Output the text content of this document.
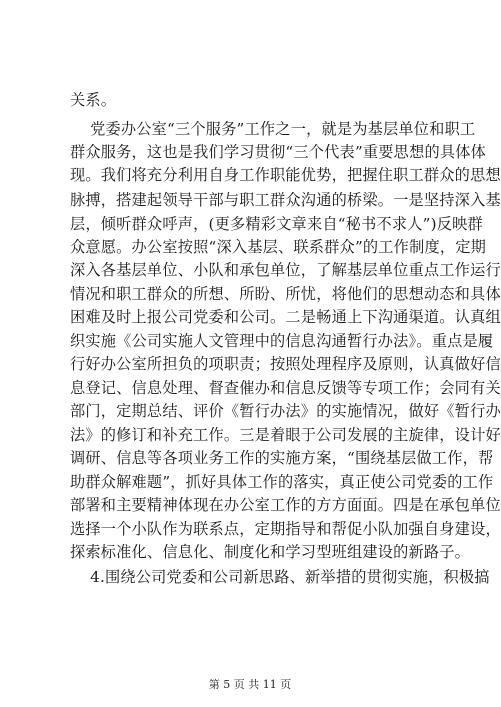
关系。
党委办公室“三个服务”工作之一，就是为基层单位和职工
群众服务，这也是我们学习贯彻“三个代表”重要思想的具体体
现。我们将充分利用自身工作职能优势，把握住职工群众的思想
脉搏，搭建起领导干部与职工群众沟通的桥梁。一是坚持深入基
层，倾听群众呼声，(更多精彩文章来自“秘书不求人”)反映群
众意愿。办公室按照“深入基层、联系群众”的工作制度，定期
深入各基层单位、小队和承包单位，了解基层单位重点工作运行
情况和职工群众的所想、所盼、所忧，将他们的思想动态和具体
困难及时上报公司党委和公司。二是畅通上下沟通渠道。认真组
织实施《公司实施人文管理中的信息沟通暂行办法》。重点是履
行好办公室所担负的项职责；按照处理程序及原则，认真做好信
息登记、信息处理、督查催办和信息反馈等专项工作；会同有关
部门，定期总结、评价《暂行办法》的实施情况，做好《暂行办
法》的修订和补充工作。三是着眼于公司发展的主旋律，设计好
调研、信息等各项业务工作的实施方案，“围绕基层做工作，帮
助群众解难题”，抓好具体工作的落实，真正使公司党委的工作
部署和主要精神体现在办公室工作的方方面面。四是在承包单位
选择一个小队作为联系点，定期指导和帮促小队加强自身建设，
探索标准化、信息化、制度化和学习型班组建设的新路子。
4.围绕公司党委和公司新思路、新举措的贯彻实施，积极搞
第 5 页 共 11 页
